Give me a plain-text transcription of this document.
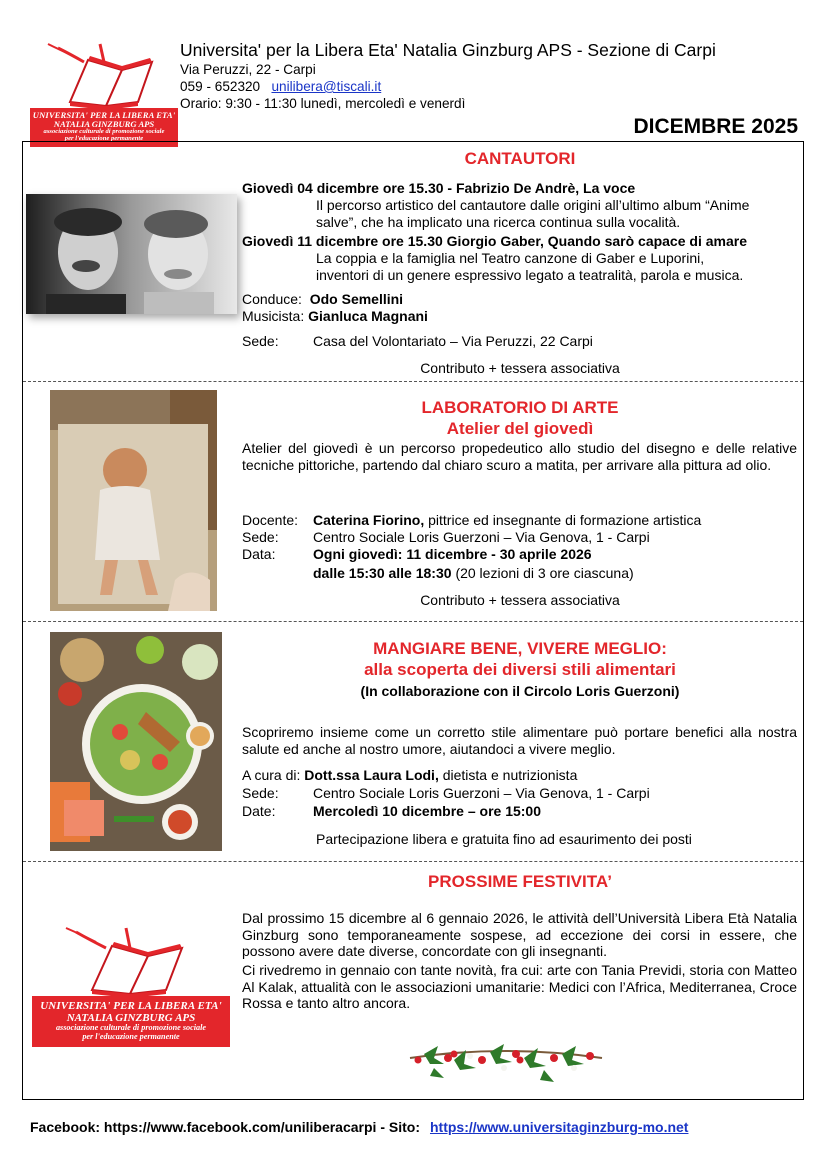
UNIVERSITA' PER LA LIBERA ETA'
NATALIA GINZBURG APS
associazione culturale di promozione sociale
per l'educazione permanente
Universita' per la Libera Eta' Natalia Ginzburg APS - Sezione di Carpi
Via Peruzzi, 22 - Carpi
059 - 652320 unilibera@tiscali.it
Orario: 9:30 - 11:30 lunedì, mercoledì e venerdì
DICEMBRE 2025
CANTAUTORI
Giovedì 04 dicembre ore 15.30 - Fabrizio De Andrè, La voce
Il percorso artistico del cantautore dalle origini all’ultimo album “Anime
salve”, che ha implicato una ricerca continua sulla vocalità.
Giovedì 11 dicembre ore 15.30 Giorgio Gaber, Quando sarò capace di amare
La coppia e la famiglia nel Teatrο canzone di Gaber e Luporini,
inventori di un genere espressivo legato a teatralità, parola e musica.
Conduce: Odo Semellini
Musicista: Gianluca Magnani
Sede: Casa del Volontariato – Via Peruzzi, 22 Carpi
Contributo + tessera associativa
LABORATORIO DI ARTE
Atelier del giovedì
Atelier del giovedì è un percorso propedeutico allo studio del disegno e delle relative tecniche pittoriche, partendo dal chiaro scuro a matita, per arrivare alla pittura ad olio.
Docente: Caterina Fiorino, pittrice ed insegnante di formazione artistica
Sede: Centro Sociale Loris Guerzoni – Via Genova, 1 - Carpi
Data:	Ogni giovedì: 11 dicembre - 30 aprile 2026
dalle 15:30 alle 18:30 (20 lezioni di 3 ore ciascuna)
Contributo + tessera associativa
MANGIARE BENE, VIVERE MEGLIO:
alla scoperta dei diversi stili alimentari
(In collaborazione con il Circolo Loris Guerzoni)
Scopriremo insieme come un corretto stile alimentare può portare benefici alla nostra salute ed anche al nostro umore, aiutandoci a vivere meglio.
A cura di: Dott.ssa Laura Lodi, dietista e nutrizionista
Sede: Centro Sociale Loris Guerzoni – Via Genova, 1 - Carpi
Date:	Mercoledì 10 dicembre – ore 15:00
Partecipazione libera e gratuita fino ad esaurimento dei posti
PROSSIME FESTIVITA’
Dal prossimo 15 dicembre al 6 gennaio 2026, le attività dell’Università Libera Età Natalia Ginzburg sono temporaneamente sospese, ad eccezione dei corsi in essere, che possono avere date diverse, concordate con gli insegnanti.
Ci rivedremo in gennaio con tante novità, fra cui: arte con Tania Previdi, storia con Matteo Al Kalak, attualità con le associazioni umanitarie: Medici con l’Africa, Mediterranea, Croce Rossa e tanto altro ancora.
UNIVERSITA' PER LA LIBERA ETA'
NATALIA GINZBURG APS
associazione culturale di promozione sociale
per l'educazione permanente
Facebook: https://www.facebook.com/uniliberacarpi - Sito: https://www.universitaginzburg-mo.net
